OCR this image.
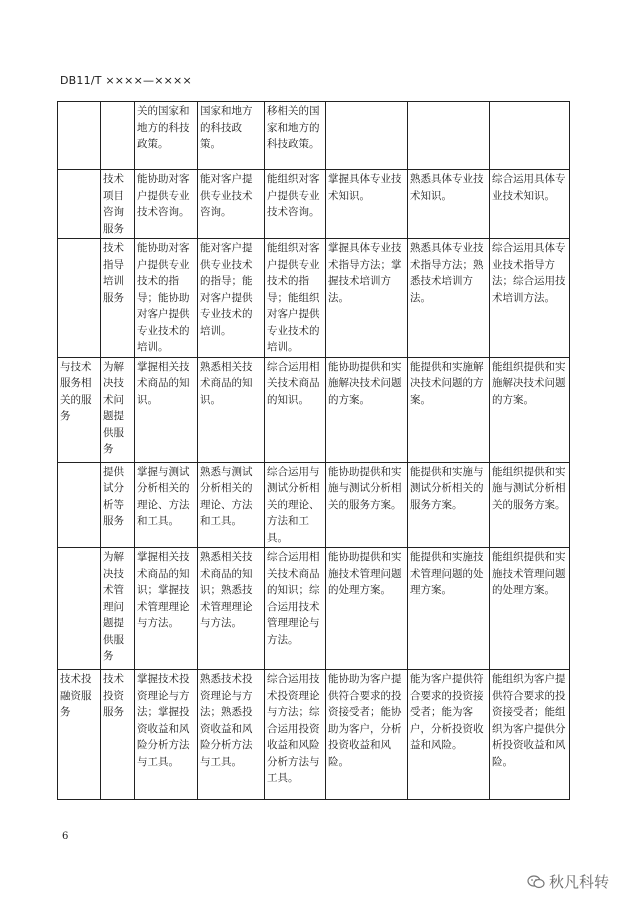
DB11/T ××××—××××
		关的国家和地方的科技政策。	国家和地方的科技政策。	移相关的国家和地方的科技政策。			
	技术项目咨询服务	能协助对客户提供专业技术咨询。	能对客户提供专业技术咨询。	能组织对客户提供专业技术咨询。	掌握具体专业技术知识。	熟悉具体专业技术知识。	综合运用具体专业技术知识。
	技术指导培训服务	能协助对客户提供专业技术的指导；能协助对客户提供专业技术的培训。	能对客户提供专业技术的指导；能对客户提供专业技术的培训。	能组织对客户提供专业技术的指导；能组织对客户提供专业技术的培训。	掌握具体专业技术指导方法；掌握技术培训方法。	熟悉具体专业技术指导方法；熟悉技术培训方法。	综合运用具体专业技术指导方法；综合运用技术培训方法。
与技术服务相关的服务	为解决技术问题提供服务	掌握相关技术商品的知识。	熟悉相关技术商品的知识。	综合运用相关技术商品的知识。	能协助提供和实施解决技术问题的方案。	能提供和实施解决技术问题的方案。	能组织提供和实施解决技术问题的方案。
	提供试分析等服务	掌握与测试分析相关的理论、方法和工具。	熟悉与测试分析相关的理论、方法和工具。	综合运用与测试分析相关的理论、方法和工具。	能协助提供和实施与测试分析相关的服务方案。	能提供和实施与测试分析相关的服务方案。	能组织提供和实施与测试分析相关的服务方案。
	为解决技术管理问题提供服务	掌握相关技术商品的知识；掌握技术管理理论与方法。	熟悉相关技术商品的知识；熟悉技术管理理论与方法。	综合运用相关技术商品的知识；综合运用技术管理理论与方法。	能协助提供和实施技术管理问题的处理方案。	能提供和实施技术管理问题的处理方案。	能组织提供和实施技术管理问题的处理方案。
技术投融资服务	技术投资服务	掌握技术投资理论与方法；掌握投资收益和风险分析方法与工具。	熟悉技术投资理论与方法；熟悉投资收益和风险分析方法与工具。	综合运用技术投资理论与方法；综合运用投资收益和风险分析方法与工具。	能协助为客户提供符合要求的投资接受者；能协助为客户，分析投资收益和风险。	能为客户提供符合要求的投资接受者；能为客户，分析投资收益和风险。	能组织为客户提供符合要求的投资接受者；能组织为客户提供分析投资收益和风险。
6
秋凡科转
